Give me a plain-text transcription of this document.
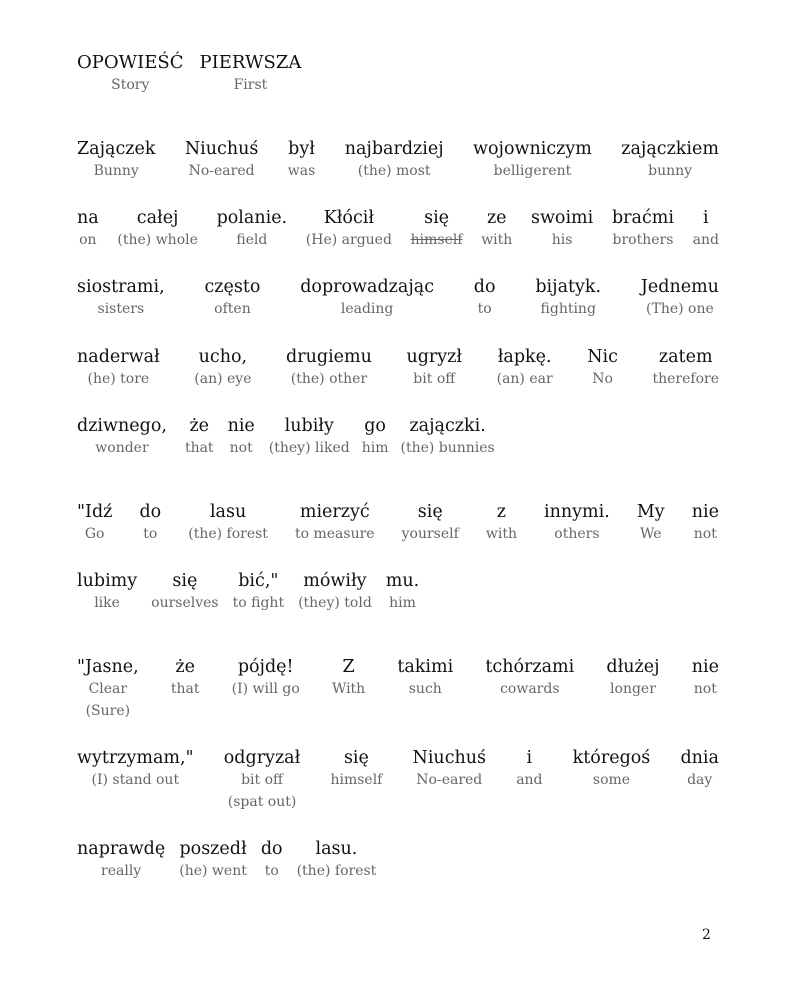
OPOWIEŚĆ
Story
PIERWSZA
First
Zajączek
Bunny
Niuchuś
No-eared
był
was
najbardziej
(the) most
wojowniczym
belligerent
zajączkiem
bunny
na
on
całej
(the) whole
polanie.
field
Kłócił
(He) argued
się
himself
ze
with
swoimi
his
braćmi
brothers
i
and
siostrami,
sisters
często
often
doprowadzając
leading
do
to
bijatyk.
fighting
Jednemu
(The) one
naderwał
(he) tore
ucho,
(an) eye
drugiemu
(the) other
ugryzł
bit off
łapkę.
(an) ear
Nic
No
zatem
therefore
dziwnego,
wonder
że
that
nie
not
lubiły
(they) liked
go
him
zajączki.
(the) bunnies
"Idź
Go
do
to
lasu
(the) forest
mierzyć
to measure
się
yourself
z
with
innymi.
others
My
We
nie
not
lubimy
like
się
ourselves
bić,"
to fight
mówiły
(they) told
mu.
him
"Jasne,
Clear
(Sure)
że
that
pójdę!
(I) will go
Z
With
takimi
such
tchórzami
cowards
dłużej
longer
nie
not
wytrzymam,"
(I) stand out
odgryzał
bit off
(spat out)
się
himself
Niuchuś
No-eared
i
and
któregoś
some
dnia
day
naprawdę
really
poszedł
(he) went
do
to
lasu.
(the) forest
2
